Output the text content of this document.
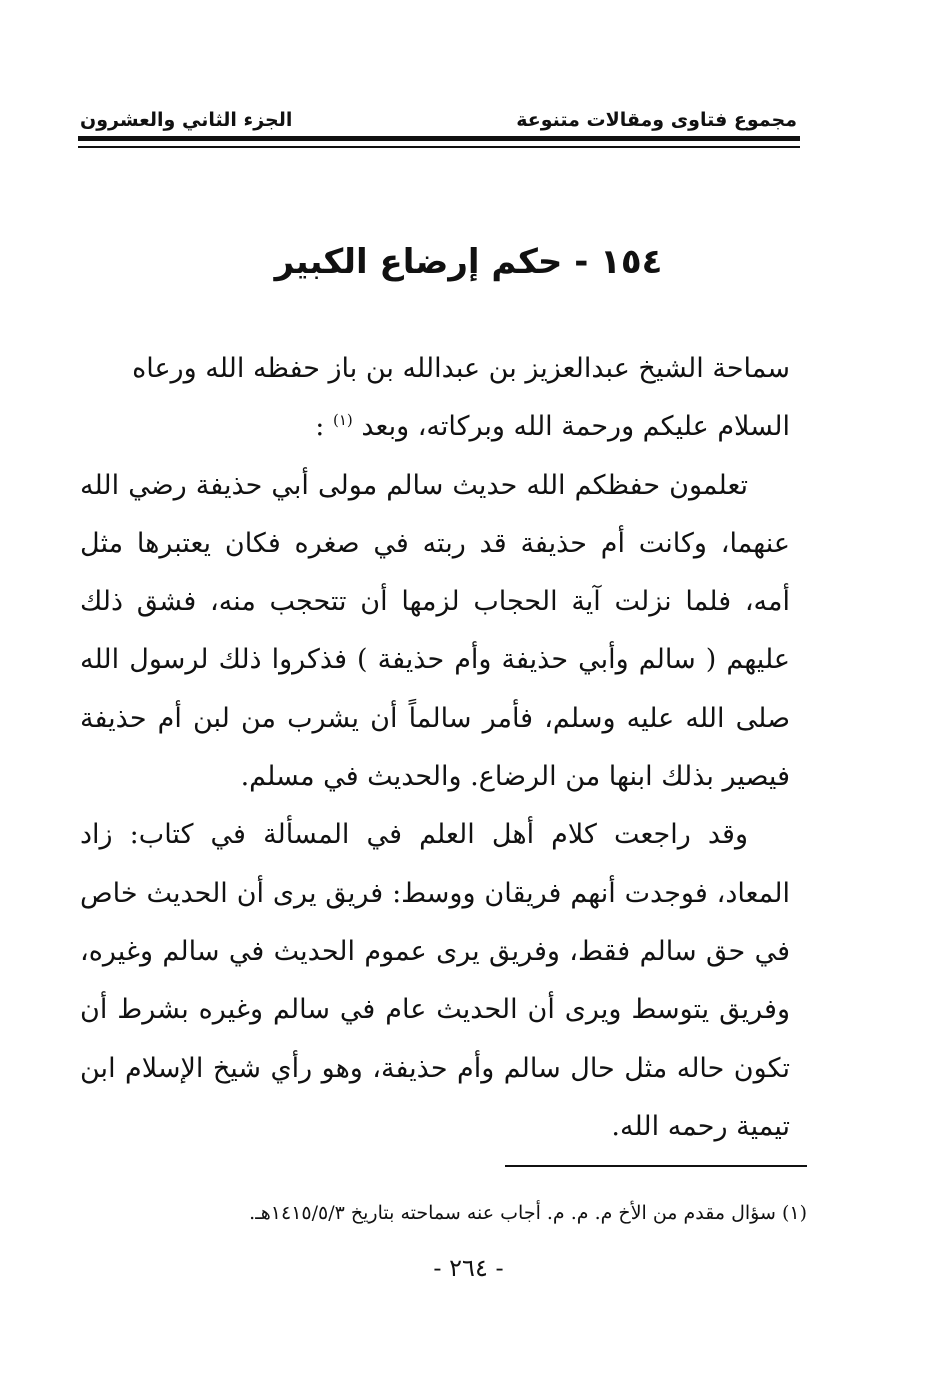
مجموع فتاوى ومقالات متنوعة
الجزء الثاني والعشرون
١٥٤ - حكم إرضاع الكبير

سماحة الشيخ عبدالعزيز بن عبدالله بن باز حفظه الله ورعاه

السلام عليكم ورحمة الله وبركاته، وبعد $^{(١)}$ :

تعلمون حفظكم الله حديث سالم مولى أبي حذيفة رضي الله عنهما، وكانت أم حذيفة قد ربته في صغره فكان يعتبرها مثل أمه، فلما نزلت آية الحجاب لزمها أن تتحجب منه، فشق ذلك عليهم ( سالم وأبي حذيفة وأم حذيفة ) فذكروا ذلك لرسول الله صلى الله عليه وسلم، فأمر سالماً أن يشرب من لبن أم حذيفة فيصير بذلك ابنها من الرضاع. والحديث في مسلم.

وقد راجعت كلام أهل العلم في المسألة في كتاب: زاد المعاد، فوجدت أنهم فريقان ووسط: فريق يرى أن الحديث خاص في حق سالم فقط، وفريق يرى عموم الحديث في سالم وغيره، وفريق يتوسط ويرى أن الحديث عام في سالم وغيره بشرط أن تكون حاله مثل حال سالم وأم حذيفة، وهو رأي شيخ الإسلام ابن تيمية رحمه الله.

(١) سؤال مقدم من الأخ م. م. م. أجاب عنه سماحته بتاريخ ١٤١٥/٥/٣هـ.
- ٢٦٤ -
